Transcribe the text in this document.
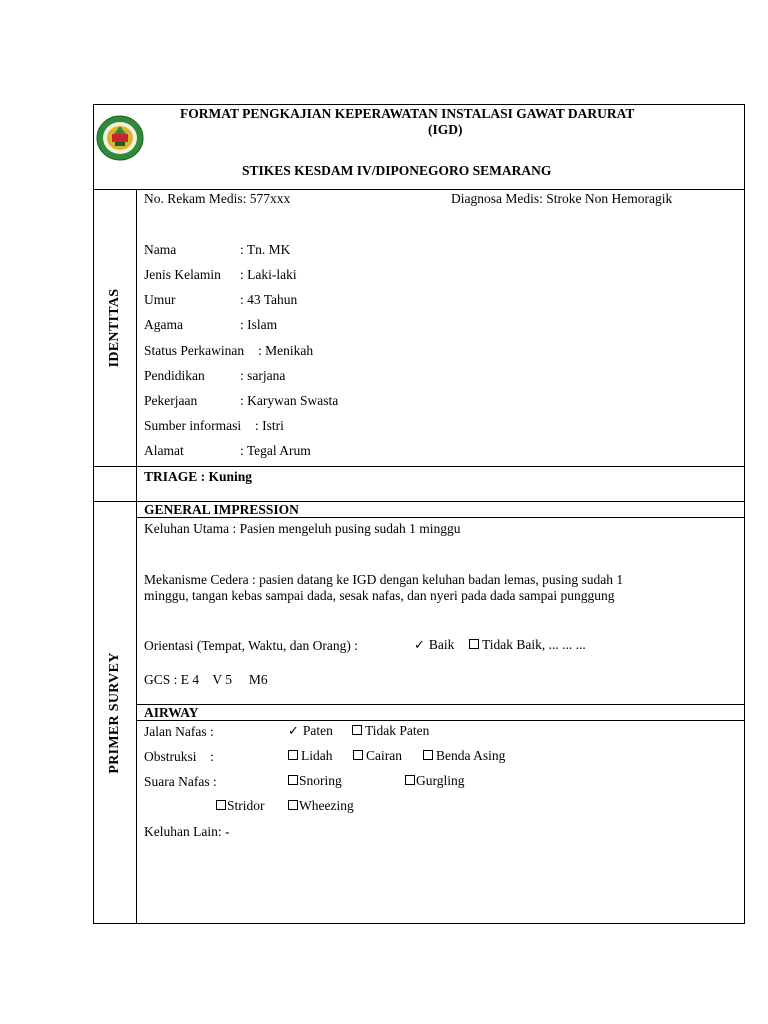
FORMAT PENGKAJIAN KEPERAWATAN INSTALASI GAWAT DARURAT
(IGD)
STIKES KESDAM IV/DIPONEGORO SEMARANG
IDENTITAS
PRIMER SURVEY
No. Rekam Medis: 577xxx	Diagnosa Medis: Stroke Non Hemoragik
Nama	: Tn. MK
Jenis Kelamin : Laki-laki
Umur	: 43 Tahun
Agama	: Islam
Status Perkawinan : Menikah
Pendidikan	: sarjana
Pekerjaan	: Karywan Swasta
Sumber informasi : Istri
Alamat	: Tegal Arum
TRIAGE : Kuning
GENERAL IMPRESSION
Keluhan Utama : Pasien mengeluh pusing sudah 1 minggu
Mekanisme Cedera : pasien datang ke IGD dengan keluhan badan lemas, pusing sudah 1
minggu, tangan kebas sampai dada, sesak nafas, dan nyeri pada dada sampai punggung
Orientasi (Tempat, Waktu, dan Orang) :	✓ Baik	Tidak Baik, ... ... ...
GCS : E 4    V 5     M6
AIRWAY
Jalan Nafas :	✓ Paten	Tidak Paten
Obstruksi    :	Lidah	Cairan	Benda Asing
Suara Nafas :	Snoring	Gurgling
Stridor	Wheezing
Keluhan Lain: -
